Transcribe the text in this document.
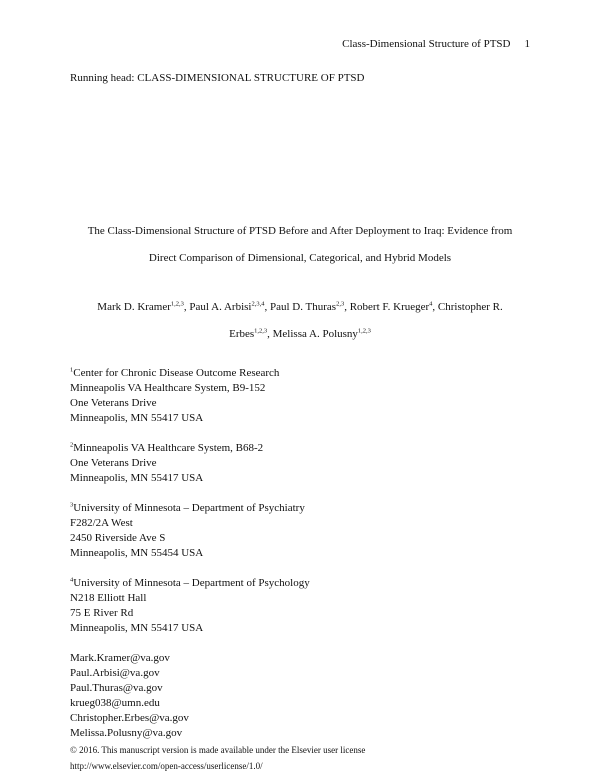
Class-Dimensional Structure of PTSD 1
Running head: CLASS-DIMENSIONAL STRUCTURE OF PTSD
The Class-Dimensional Structure of PTSD Before and After Deployment to Iraq: Evidence from
Direct Comparison of Dimensional, Categorical, and Hybrid Models
Mark D. Kramer$^{1,2,3}$, Paul A. Arbisi$^{2,3,4}$, Paul D. Thuras$^{2,3}$, Robert F. Krueger$^4$, Christopher R.
Erbes$^{1,2,3}$, Melissa A. Polusny$^{1,2,3}$
$^1$Center for Chronic Disease Outcome Research
Minneapolis VA Healthcare System, B9-152
One Veterans Drive
Minneapolis, MN 55417 USA
$^2$Minneapolis VA Healthcare System, B68-2
One Veterans Drive
Minneapolis, MN 55417 USA
$^3$University of Minnesota – Department of Psychiatry
F282/2A West
2450 Riverside Ave S
Minneapolis, MN 55454 USA
$^4$University of Minnesota – Department of Psychology
N218 Elliott Hall
75 E River Rd
Minneapolis, MN 55417 USA
Mark.Kramer@va.gov
Paul.Arbisi@va.gov
Paul.Thuras@va.gov
krueg038@umn.edu
Christopher.Erbes@va.gov
Melissa.Polusny@va.gov
© 2016. This manuscript version is made available under the Elsevier user license
http://www.elsevier.com/open-access/userlicense/1.0/
